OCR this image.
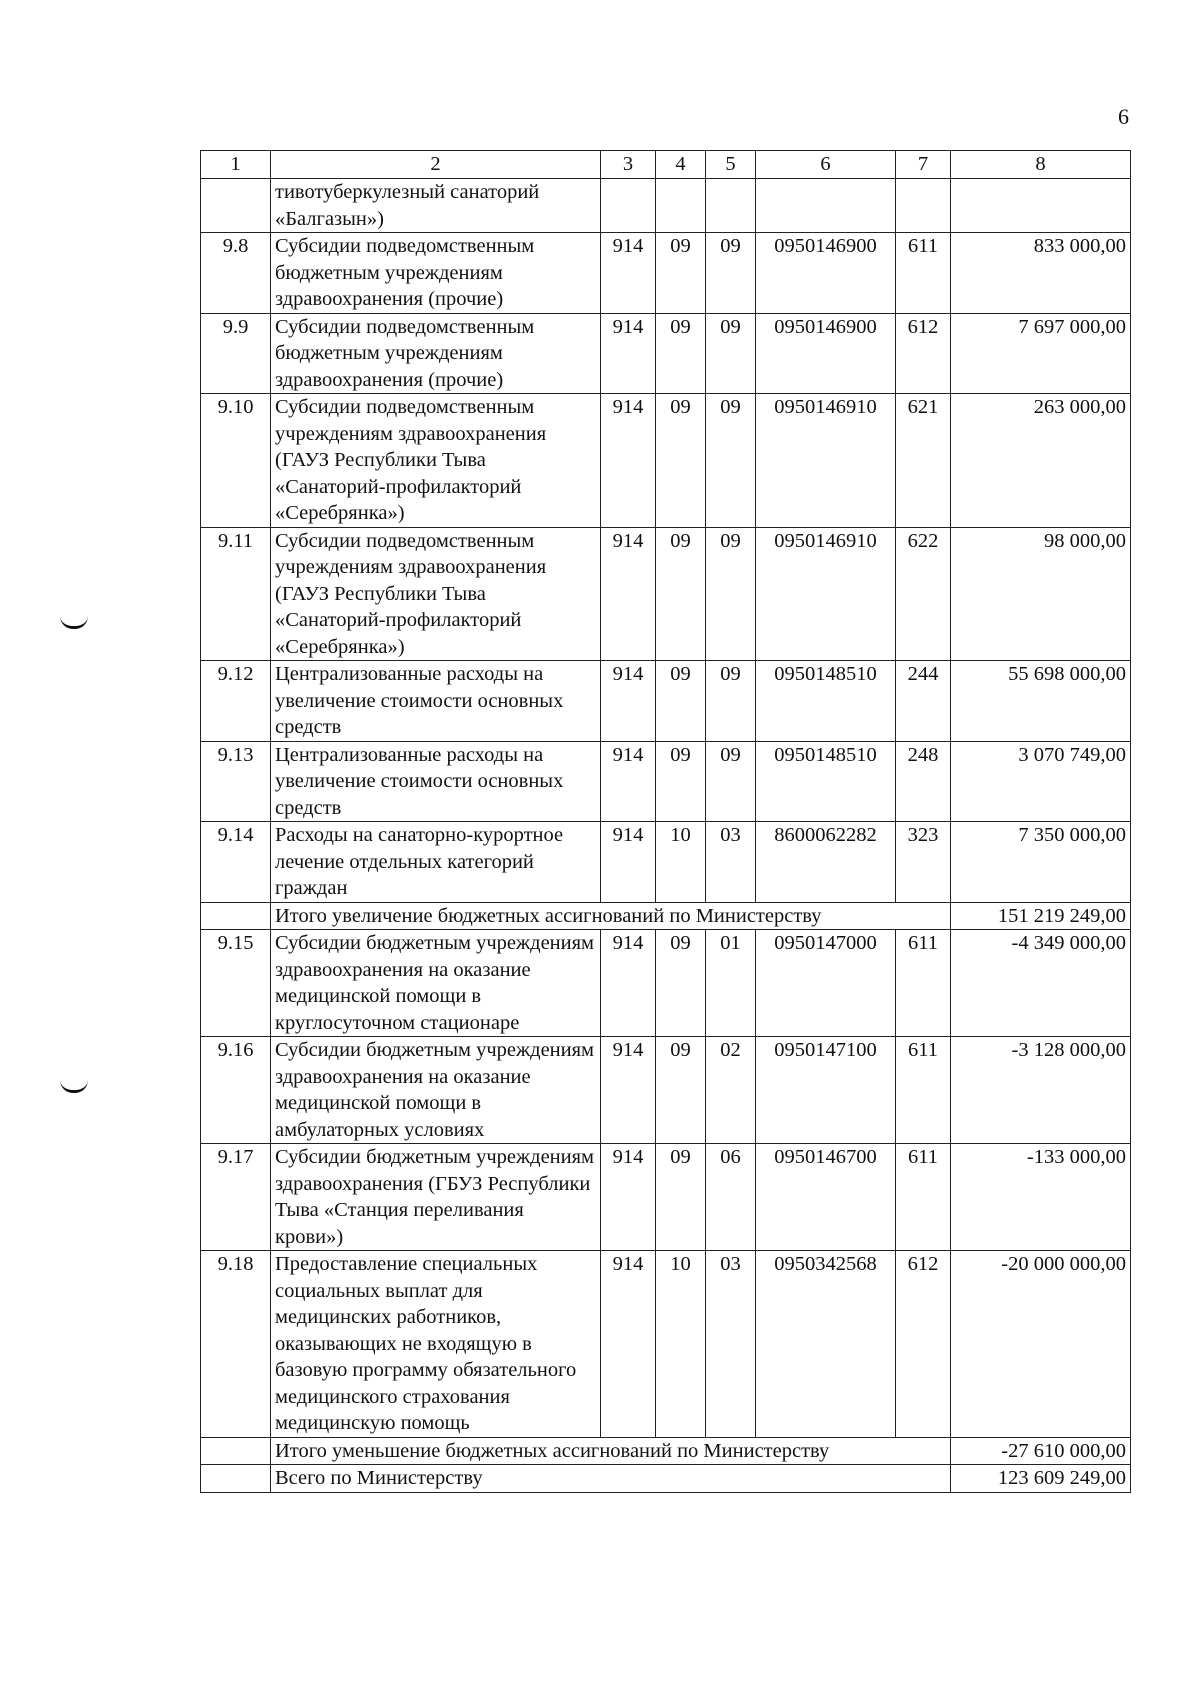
6
1	2	3	4	5	6	7	8
	тивотуберкулезный санаторий «Балгазын»)						
9.8	Субсидии подведомственным бюджетным учреждениям здравоохранения (прочие)	914	09	09	0950146900	611	833 000,00
9.9	Субсидии подведомственным бюджетным учреждениям здравоохранения (прочие)	914	09	09	0950146900	612	7 697 000,00
9.10	Субсидии подведомственным учреждениям здравоохранения (ГАУЗ Республики Тыва «Санаторий-профилакторий «Серебрянка»)	914	09	09	0950146910	621	263 000,00
9.11	Субсидии подведомственным учреждениям здравоохранения (ГАУЗ Республики Тыва «Санаторий-профилакторий «Серебрянка»)	914	09	09	0950146910	622	98 000,00
9.12	Централизованные расходы на увеличение стоимости основных средств	914	09	09	0950148510	244	55 698 000,00
9.13	Централизованные расходы на увеличение стоимости основных средств	914	09	09	0950148510	248	3 070 749,00
9.14	Расходы на санаторно-курортное лечение отдельных категорий граждан	914	10	03	8600062282	323	7 350 000,00
	Итого увеличение бюджетных ассигнований по Министерству						151 219 249,00
9.15	Субсидии бюджетным учреждениям здравоохранения на оказание медицинской помощи в круглосуточном стационаре	914	09	01	0950147000	611	-4 349 000,00
9.16	Субсидии бюджетным учреждениям здравоохранения на оказание медицинской помощи в амбулаторных условиях	914	09	02	0950147100	611	-3 128 000,00
9.17	Субсидии бюджетным учреждениям здравоохранения (ГБУЗ Республики Тыва «Станция переливания крови»)	914	09	06	0950146700	611	-133 000,00
9.18	Предоставление специальных социальных выплат для медицинских работников, оказывающих не входящую в базовую программу обязательного медицинского страхования медицинскую помощь	914	10	03	0950342568	612	-20 000 000,00
	Итого уменьшение бюджетных ассигнований по Министерству						-27 610 000,00
	Всего по Министерству						123 609 249,00
